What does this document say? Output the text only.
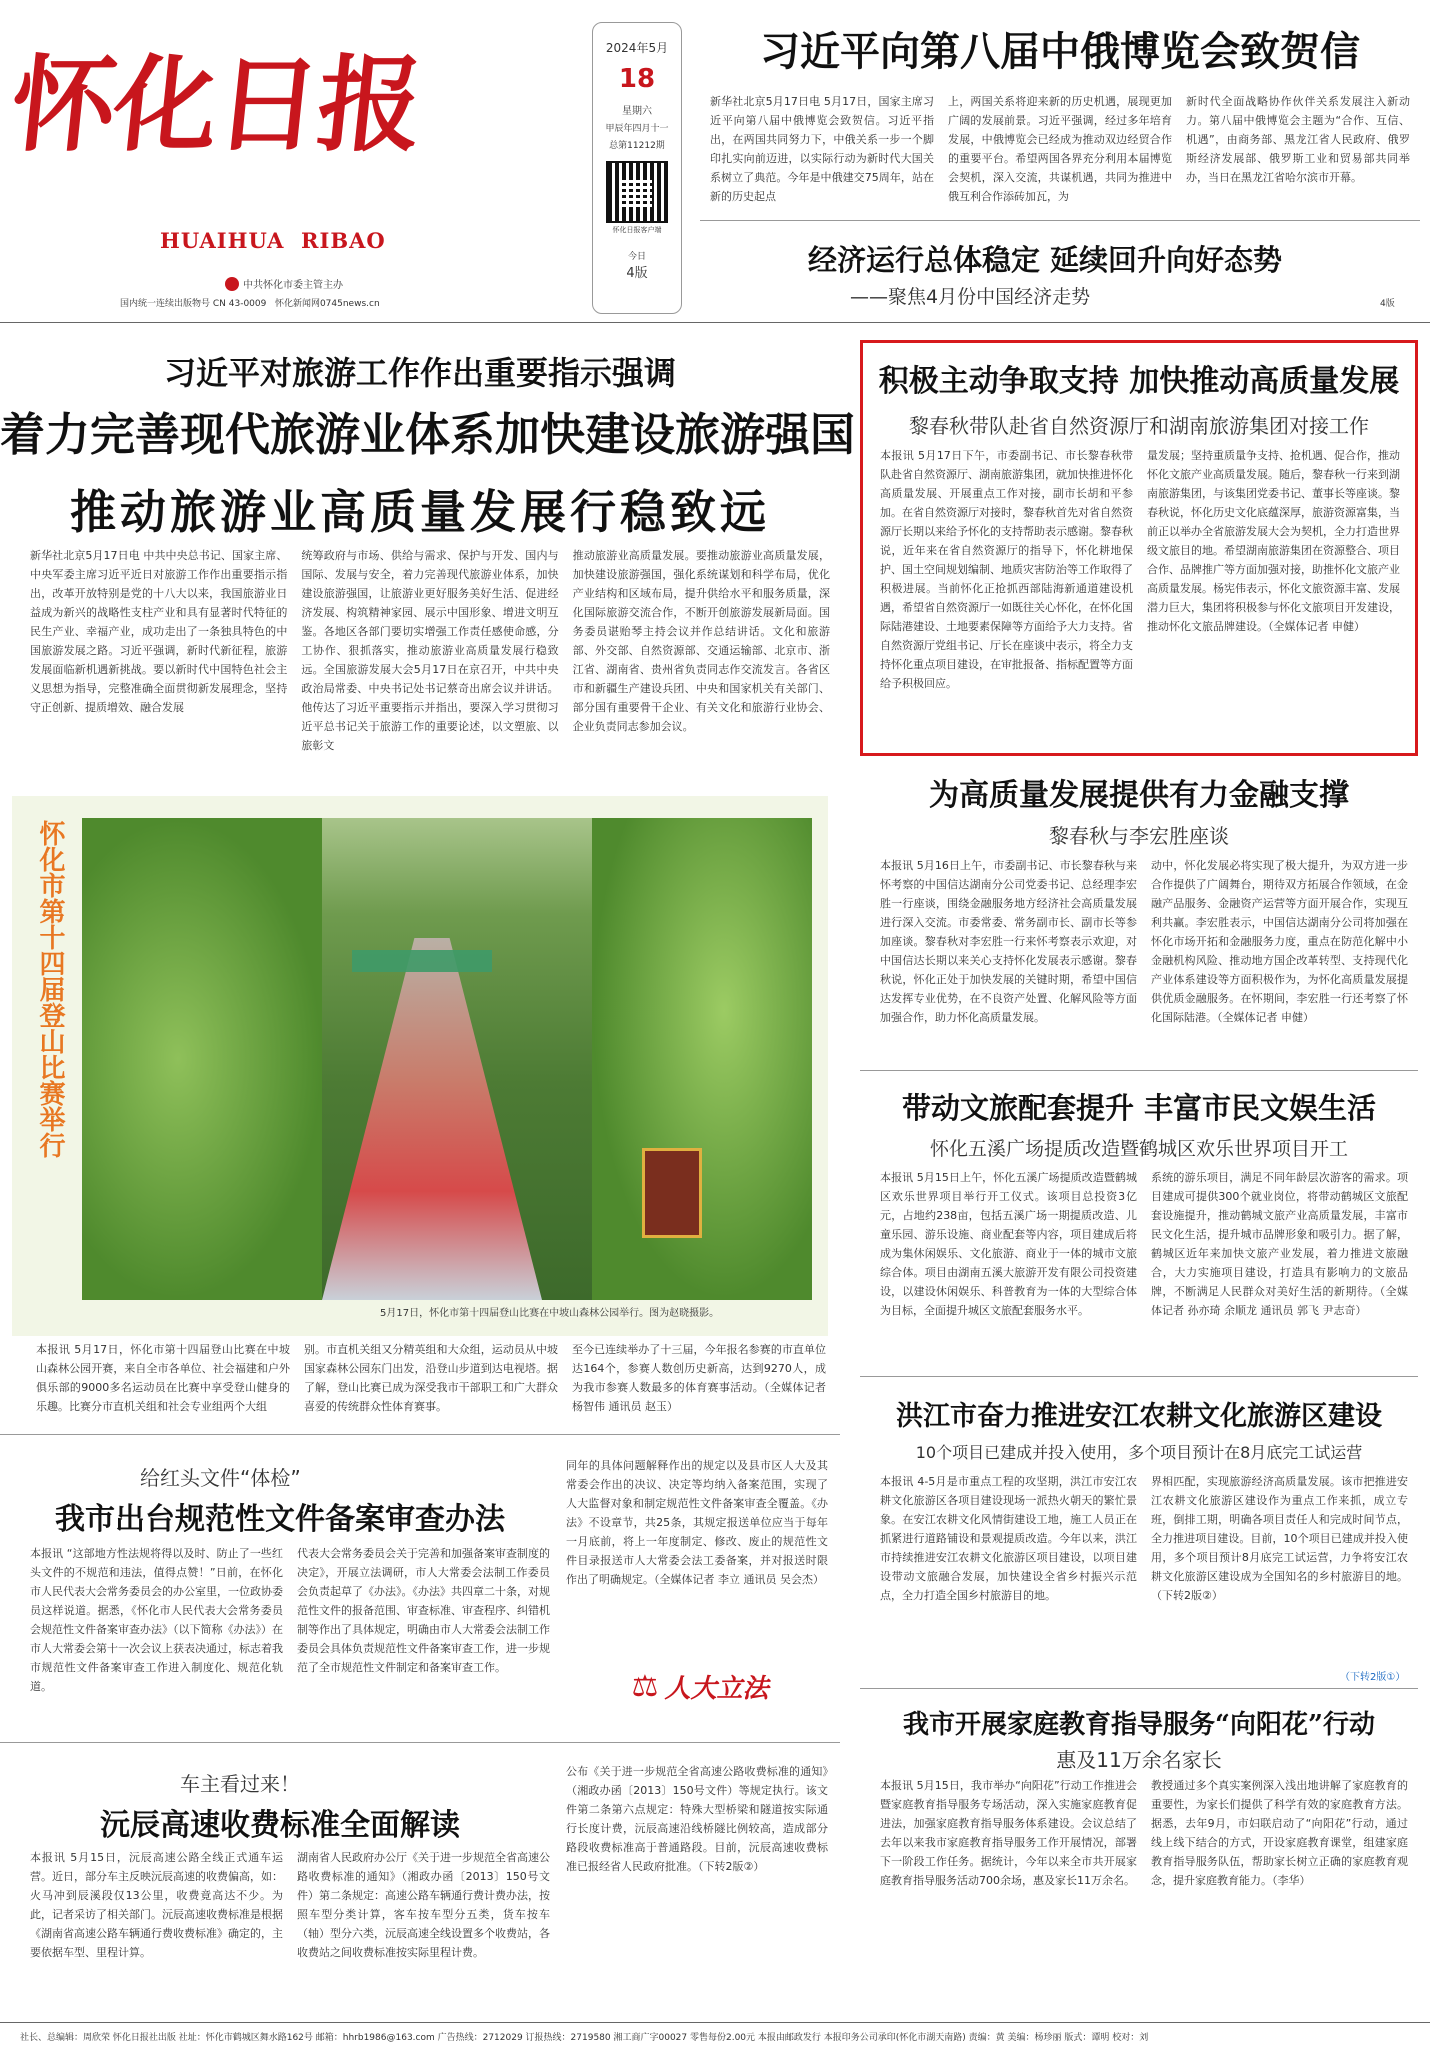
怀化日报
HUAIHUA  RIBAO
中共怀化市委主管主办
国内统一连续出版物号 CN 43-0009 怀化新闻网0745news.cn
2024年5月
18
星期六
甲辰年四月十一
总第11212期
怀化日报客户端
今日
4版
习近平向第八届中俄博览会致贺信
新华社北京5月17日电 5月17日，国家主席习近平向第八届中俄博览会致贺信。习近平指出，在两国共同努力下，中俄关系一步一个脚印扎实向前迈进，以实际行动为新时代大国关系树立了典范。今年是中俄建交75周年，站在新的历史起点
上，两国关系将迎来新的历史机遇，展现更加广阔的发展前景。习近平强调，经过多年培育发展，中俄博览会已经成为推动双边经贸合作的重要平台。希望两国各界充分利用本届博览会契机，深入交流，共谋机遇，共同为推进中俄互利合作添砖加瓦，为
新时代全面战略协作伙伴关系发展注入新动力。第八届中俄博览会主题为“合作、互信、机遇”，由商务部、黑龙江省人民政府、俄罗斯经济发展部、俄罗斯工业和贸易部共同举办，当日在黑龙江省哈尔滨市开幕。
经济运行总体稳定 延续回升向好态势
——聚焦4月份中国经济走势	4版
习近平对旅游工作作出重要指示强调
着力完善现代旅游业体系加快建设旅游强国
推动旅游业高质量发展行稳致远
新华社北京5月17日电 中共中央总书记、国家主席、中央军委主席习近平近日对旅游工作作出重要指示指出，改革开放特别是党的十八大以来，我国旅游业日益成为新兴的战略性支柱产业和具有显著时代特征的民生产业、幸福产业，成功走出了一条独具特色的中国旅游发展之路。习近平强调，新时代新征程，旅游发展面临新机遇新挑战。要以新时代中国特色社会主义思想为指导，完整准确全面贯彻新发展理念，坚持守正创新、提质增效、融合发展
统筹政府与市场、供给与需求、保护与开发、国内与国际、发展与安全，着力完善现代旅游业体系，加快建设旅游强国，让旅游业更好服务美好生活、促进经济发展、构筑精神家园、展示中国形象、增进文明互鉴。各地区各部门要切实增强工作责任感使命感，分工协作、狠抓落实，推动旅游业高质量发展行稳致远。全国旅游发展大会5月17日在京召开，中共中央政治局常委、中央书记处书记蔡奇出席会议并讲话。他传达了习近平重要指示并指出，要深入学习贯彻习近平总书记关于旅游工作的重要论述，以文塑旅、以旅彰文
推动旅游业高质量发展。要推动旅游业高质量发展，加快建设旅游强国，强化系统谋划和科学布局，优化产业结构和区域布局，提升供给水平和服务质量，深化国际旅游交流合作，不断开创旅游发展新局面。国务委员谌贻琴主持会议并作总结讲话。文化和旅游部、外交部、自然资源部、交通运输部、北京市、浙江省、湖南省、贵州省负责同志作交流发言。各省区市和新疆生产建设兵团、中央和国家机关有关部门、部分国有重要骨干企业、有关文化和旅游行业协会、企业负责同志参加会议。
积极主动争取支持 加快推动高质量发展
黎春秋带队赴省自然资源厅和湖南旅游集团对接工作
本报讯 5月17日下午，市委副书记、市长黎春秋带队赴省自然资源厅、湖南旅游集团，就加快推进怀化高质量发展、开展重点工作对接，副市长胡和平参加。在省自然资源厅对接时，黎春秋首先对省自然资源厅长期以来给予怀化的支持帮助表示感谢。黎春秋说，近年来在省自然资源厅的指导下，怀化耕地保护、国土空间规划编制、地质灾害防治等工作取得了积极进展。当前怀化正抢抓西部陆海新通道建设机遇，希望省自然资源厅一如既往关心怀化，在怀化国际陆港建设、土地要素保障等方面给予大力支持。省自然资源厅党组书记、厅长在座谈中表示，将全力支持怀化重点项目建设，在审批报备、指标配置等方面给予积极回应。
量发展；坚持重质量争支持、抢机遇、促合作，推动怀化文旅产业高质量发展。随后，黎春秋一行来到湖南旅游集团，与该集团党委书记、董事长等座谈。黎春秋说，怀化历史文化底蕴深厚，旅游资源富集，当前正以举办全省旅游发展大会为契机，全力打造世界级文旅目的地。希望湖南旅游集团在资源整合、项目合作、品牌推广等方面加强对接，助推怀化文旅产业高质量发展。杨宪伟表示，怀化文旅资源丰富、发展潜力巨大，集团将积极参与怀化文旅项目开发建设，推动怀化文旅品牌建设。（全媒体记者 申健）
怀化市第十四届登山比赛举行
5月17日，怀化市第十四届登山比赛在中坡山森林公园举行。图为赵晓摄影。
本报讯 5月17日，怀化市第十四届登山比赛在中坡山森林公园开赛，来自全市各单位、社会福建和户外俱乐部的9000多名运动员在比赛中享受登山健身的乐趣。比赛分市直机关组和社会专业组两个大组
别。市直机关组又分精英组和大众组，运动员从中坡国家森林公园东门出发，沿登山步道到达电视塔。据了解，登山比赛已成为深受我市干部职工和广大群众喜爱的传统群众性体育赛事。
至今已连续举办了十三届，今年报名参赛的市直单位达164个，参赛人数创历史新高，达到9270人，成为我市参赛人数最多的体育赛事活动。（全媒体记者 杨智伟 通讯员 赵玉）
为高质量发展提供有力金融支撑
黎春秋与李宏胜座谈
本报讯 5月16日上午，市委副书记、市长黎春秋与来怀考察的中国信达湖南分公司党委书记、总经理李宏胜一行座谈，围绕金融服务地方经济社会高质量发展进行深入交流。市委常委、常务副市长、副市长等参加座谈。黎春秋对李宏胜一行来怀考察表示欢迎，对中国信达长期以来关心支持怀化发展表示感谢。黎春秋说，怀化正处于加快发展的关键时期，希望中国信达发挥专业优势，在不良资产处置、化解风险等方面加强合作，助力怀化高质量发展。
动中，怀化发展必将实现了极大提升，为双方进一步合作提供了广阔舞台，期待双方拓展合作领域，在金融产品服务、金融资产运营等方面开展合作，实现互利共赢。李宏胜表示，中国信达湖南分公司将加强在怀化市场开拓和金融服务力度，重点在防范化解中小金融机构风险、推动地方国企改革转型、支持现代化产业体系建设等方面积极作为，为怀化高质量发展提供优质金融服务。在怀期间，李宏胜一行还考察了怀化国际陆港。（全媒体记者 申健）
带动文旅配套提升 丰富市民文娱生活
怀化五溪广场提质改造暨鹤城区欢乐世界项目开工
本报讯 5月15日上午，怀化五溪广场提质改造暨鹤城区欢乐世界项目举行开工仪式。该项目总投资3亿元，占地约238亩，包括五溪广场一期提质改造、儿童乐园、游乐设施、商业配套等内容，项目建成后将成为集休闲娱乐、文化旅游、商业于一体的城市文旅综合体。项目由湖南五溪大旅游开发有限公司投资建设，以建设休闲娱乐、科普教育为一体的大型综合体为目标，全面提升城区文旅配套服务水平。
系统的游乐项目，满足不同年龄层次游客的需求。项目建成可提供300个就业岗位，将带动鹤城区文旅配套设施提升，推动鹤城文旅产业高质量发展，丰富市民文化生活，提升城市品牌形象和吸引力。据了解，鹤城区近年来加快文旅产业发展，着力推进文旅融合，大力实施项目建设，打造具有影响力的文旅品牌，不断满足人民群众对美好生活的新期待。（全媒体记者 孙亦琦 余顺龙 通讯员 郭飞 尹志奇）
洪江市奋力推进安江农耕文化旅游区建设
10个项目已建成并投入使用，多个项目预计在8月底完工试运营
本报讯 4-5月是市重点工程的攻坚期，洪江市安江农耕文化旅游区各项目建设现场一派热火朝天的繁忙景象。在安江农耕文化风情街建设工地，施工人员正在抓紧进行道路铺设和景观提质改造。今年以来，洪江市持续推进安江农耕文化旅游区项目建设，以项目建设带动文旅融合发展，加快建设全省乡村振兴示范点，全力打造全国乡村旅游目的地。
界相匹配，实现旅游经济高质量发展。该市把推进安江农耕文化旅游区建设作为重点工作来抓，成立专班，倒排工期，明确各项目责任人和完成时间节点，全力推进项目建设。目前，10个项目已建成并投入使用，多个项目预计8月底完工试运营，力争将安江农耕文化旅游区建设成为全国知名的乡村旅游目的地。（下转2版②）
（下转2版①）
我市开展家庭教育指导服务“向阳花”行动
惠及11万余名家长
本报讯 5月15日，我市举办“向阳花”行动工作推进会暨家庭教育指导服务专场活动，深入实施家庭教育促进法，加强家庭教育指导服务体系建设。会议总结了去年以来我市家庭教育指导服务工作开展情况，部署下一阶段工作任务。据统计，今年以来全市共开展家庭教育指导服务活动700余场，惠及家长11万余名。
教授通过多个真实案例深入浅出地讲解了家庭教育的重要性，为家长们提供了科学有效的家庭教育方法。据悉，去年9月，市妇联启动了“向阳花”行动，通过线上线下结合的方式，开设家庭教育课堂，组建家庭教育指导服务队伍，帮助家长树立正确的家庭教育观念，提升家庭教育能力。（李华）
给红头文件“体检”
我市出台规范性文件备案审查办法
本报讯 “这部地方性法规将得以及时、防止了一些红头文件的不规范和违法，值得点赞！”日前，在怀化市人民代表大会常务委员会的办公室里，一位政协委员这样说道。据悉，《怀化市人民代表大会常务委员会规范性文件备案审查办法》（以下简称《办法》）在市人大常委会第十一次会议上获表决通过，标志着我市规范性文件备案审查工作进入制度化、规范化轨道。
代表大会常务委员会关于完善和加强备案审查制度的决定》，开展立法调研，市人大常委会法制工作委员会负责起草了《办法》。《办法》共四章二十条，对规范性文件的报备范围、审查标准、审查程序、纠错机制等作出了具体规定，明确由市人大常委会法制工作委员会具体负责规范性文件备案审查工作，进一步规范了全市规范性文件制定和备案审查工作。
同年的具体问题解释作出的规定以及县市区人大及其常委会作出的决议、决定等均纳入备案范围，实现了人大监督对象和制定规范性文件备案审查全覆盖。《办法》不设章节，共25条，其规定报送单位应当于每年一月底前，将上一年度制定、修改、废止的规范性文件目录报送市人大常委会法工委备案，并对报送时限作出了明确规定。（全媒体记者 李立 通讯员 吴会杰）
⚖ 人大立法
车主看过来！
沅辰高速收费标准全面解读
本报讯 5月15日，沅辰高速公路全线正式通车运营。近日，部分车主反映沅辰高速的收费偏高，如：火马冲到辰溪段仅13公里，收费竟高达不少。为此，记者采访了相关部门。沅辰高速收费标准是根据《湖南省高速公路车辆通行费收费标准》确定的，主要依据车型、里程计算。
湖南省人民政府办公厅《关于进一步规范全省高速公路收费标准的通知》（湘政办函〔2013〕150号文件）第二条规定：高速公路车辆通行费计费办法，按照车型分类计算，客车按车型分五类，货车按车（轴）型分六类，沅辰高速全线设置多个收费站，各收费站之间收费标准按实际里程计费。
公布《关于进一步规范全省高速公路收费标准的通知》（湘政办函〔2013〕150号文件）等规定执行。该文件第二条第六点规定：特殊大型桥梁和隧道按实际通行长度计费，沅辰高速沿线桥隧比例较高，造成部分路段收费标准高于普通路段。目前，沅辰高速收费标准已报经省人民政府批准。（下转2版②）
社长、总编辑：周欣荣 怀化日报社出版 社址：怀化市鹤城区舞水路162号 邮箱：hhrb1986@163.com 广告热线：2712029 订报热线：2719580 湘工商广字00027 零售每份2.00元 本报由邮政发行 本报印务公司承印(怀化市湖天南路) 责编：黄 美编：杨珍丽 版式：谭明 校对：刘
